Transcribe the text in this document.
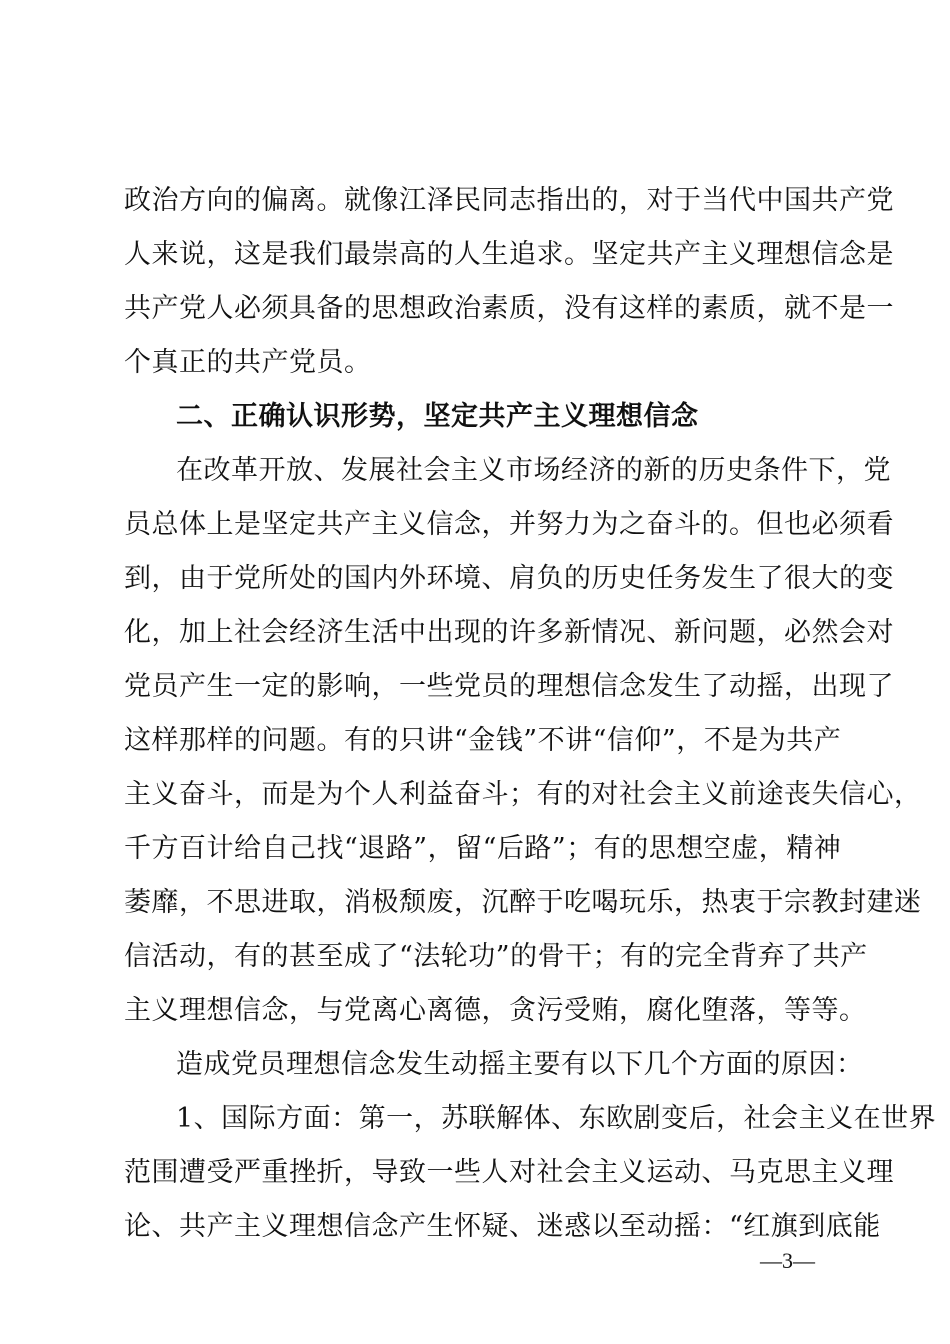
政治方向的偏离。就像江泽民同志指出的，对于当代中国共产党
人来说，这是我们最崇高的人生追求。坚定共产主义理想信念是
共产党人必须具备的思想政治素质，没有这样的素质，就不是一
个真正的共产党员。
二、正确认识形势，坚定共产主义理想信念
在改革开放、发展社会主义市场经济的新的历史条件下，党
员总体上是坚定共产主义信念，并努力为之奋斗的。但也必须看
到，由于党所处的国内外环境、肩负的历史任务发生了很大的变
化，加上社会经济生活中出现的许多新情况、新问题，必然会对
党员产生一定的影响，一些党员的理想信念发生了动摇，出现了
这样那样的问题。有的只讲“金钱”不讲“信仰”，不是为共产
主义奋斗，而是为个人利益奋斗；有的对社会主义前途丧失信心，
千方百计给自己找“退路”，留“后路”；有的思想空虚，精神
萎靡，不思进取，消极颓废，沉醉于吃喝玩乐，热衷于宗教封建迷
信活动，有的甚至成了“法轮功”的骨干；有的完全背弃了共产
主义理想信念，与党离心离德，贪污受贿，腐化堕落，等等。
造成党员理想信念发生动摇主要有以下几个方面的原因：
1、国际方面：第一，苏联解体、东欧剧变后，社会主义在世界
范围遭受严重挫折，导致一些人对社会主义运动、马克思主义理
论、共产主义理想信念产生怀疑、迷惑以至动摇：“红旗到底能
—3—
